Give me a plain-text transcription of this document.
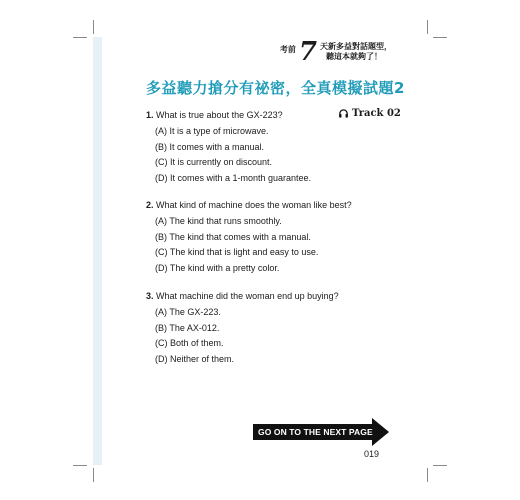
考前 7 天新多益對話題型，
聽這本就夠了！
多益聽力搶分有祕密，全真模擬試題2
Track 02
1. What is true about the GX-223?
(A) It is a type of microwave.
(B) It comes with a manual.
(C) It is currently on discount.
(D) It comes with a 1-month guarantee.
2. What kind of machine does the woman like best?
(A) The kind that runs smoothly.
(B) The kind that comes with a manual.
(C) The kind that is light and easy to use.
(D) The kind with a pretty color.
3. What machine did the woman end up buying?
(A) The GX-223.
(B) The AX-012.
(C) Both of them.
(D) Neither of them.
GO ON TO THE NEXT PAGE
019
